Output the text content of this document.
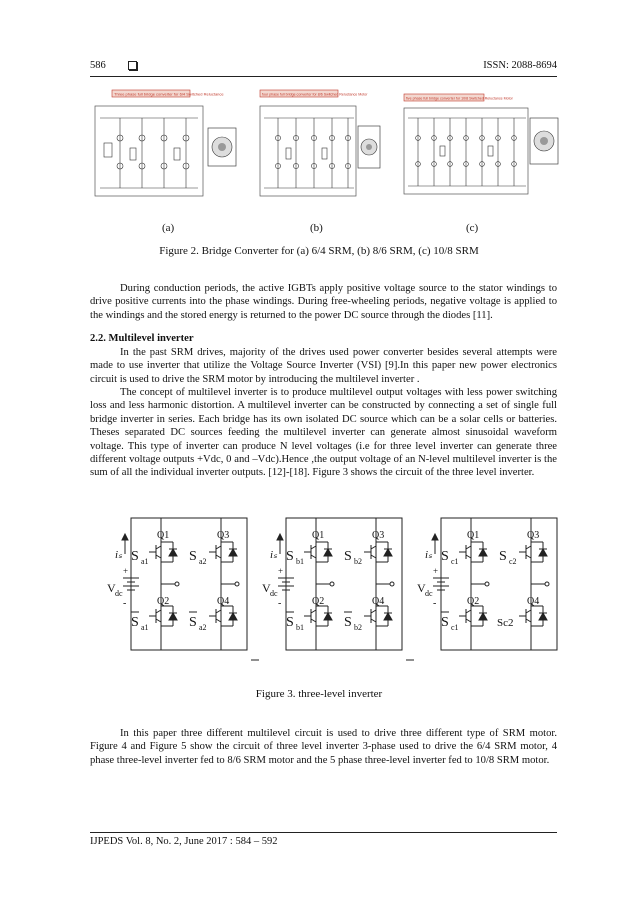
586	ISSN: 2088-8694
Three phase full bridge converter for 6/4 Switched Reluctance	four phase full bridge converter for 8/6 Switched Reluctance Motor
five phase full bridge converter for 10/8 Switched Reluctance Motor
(a)	(b)	(c)
Figure 2. Bridge Converter for (a) 6/4 SRM, (b) 8/6 SRM, (c) 10/8 SRM

During conduction periods, the active IGBTs apply positive voltage source to the stator windings to drive positive currents into the phase windings. During free-wheeling periods, negative voltage is applied to the windings and the stored energy is returned to the power DC source through the diodes [11].

2.2. Multilevel inverter

In the past SRM drives, majority of the drives used power converter besides several attempts were made to use inverter that utilize the Voltage Source Inverter (VSI) [9].In this paper new power electronics circuit is used to drive the SRM motor by introducing the multilevel inverter .

The concept of multilevel inverter is to produce multilevel output voltages with less power switching loss and less harmonic distortion. A multilevel inverter can be constructed by connecting a set of single full bridge inverter in series. Each bridge has its own isolated DC source which can be a solar cells or batteries. Theses separated DC sources feeding the multilevel inverter can generate almost sinusoidal waveform voltage. This type of inverter can produce N level voltages (i.e for three level inverter can generate three different voltage outputs +Vdc, 0 and –Vdc).Hence ,the output voltage of an N-level multilevel inverter is the sum of all the individual inverter outputs. [12]-[18]. Figure 3 shows the circuit of the three level inverter.

iₛ
V dc
+
-
Q1	Q3
Q2	Q4
S a1	S a2
S a1	S a2
iₛ
V dc
+
-
Q1	Q3
Q2	Q4
S b1	S b2
S b1	S b2
iₛ
V dc
+
-
Q1	Q3
Q2	Q4
S c1	S c2
S c1	Sc2
Figure 3. three-level inverter

In this paper three different multilevel circuit is used to drive three different type of SRM motor. Figure 4 and Figure 5 show the circuit of three level inverter 3-phase used to drive the 6/4 SRM motor, 4 phase three-level inverter fed to 8/6 SRM motor and the 5 phase three-level inverter fed to 10/8 SRM motor.

IJPEDS Vol. 8, No. 2, June 2017 : 584 – 592
